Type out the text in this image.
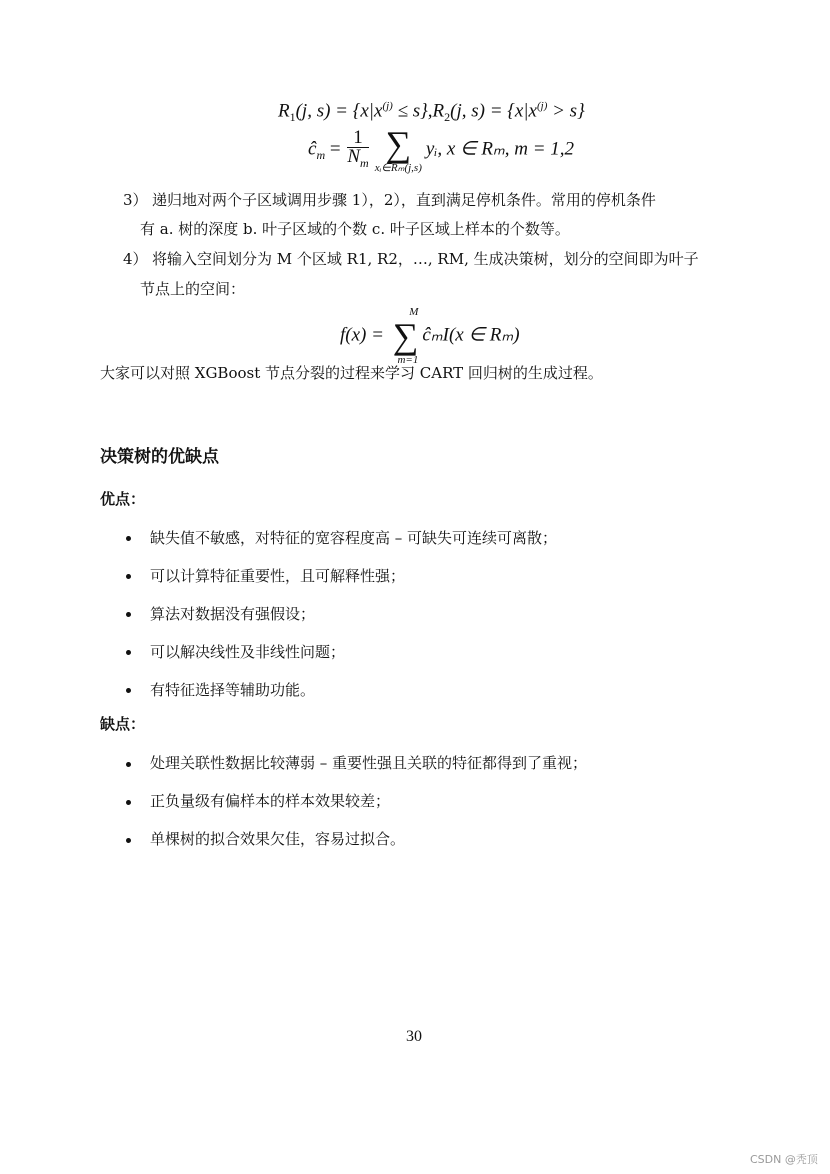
$R_1(j$, $s) = \{x|x^{(j)} \le s\},R_2(j$, $s) = \{x|x^{(j)} > s\}$
$ĉ_m = \frac{1}{N_m}$ ∑
xᵢ∈Rₘ(j,s)
yᵢ, x ∈ Rₘ, m = 1,2
3） 递归地对两个子区域调用步骤 1），2），直到满足停机条件。常用的停机条件
有 a. 树的深度 b. 叶子区域的个数 c. 叶子区域上样本的个数等。
4） 将输入空间划分为 M 个区域 R1, R2，…, RM, 生成决策树，划分的空间即为叶子
节点上的空间：
f(x) =
M
∑
m=1
ĉₘI(x ∈ Rₘ)
大家可以对照 XGBoost 节点分裂的过程来学习 CART 回归树的生成过程。
决策树的优缺点
优点：
缺失值不敏感，对特征的宽容程度高 – 可缺失可连续可离散；
可以计算特征重要性，且可解释性强；
算法对数据没有强假设；
可以解决线性及非线性问题；
有特征选择等辅助功能。
缺点：
处理关联性数据比较薄弱 – 重要性强且关联的特征都得到了重视；
正负量级有偏样本的样本效果较差；
单棵树的拟合效果欠佳，容易过拟合。
30
CSDN @秃顶
